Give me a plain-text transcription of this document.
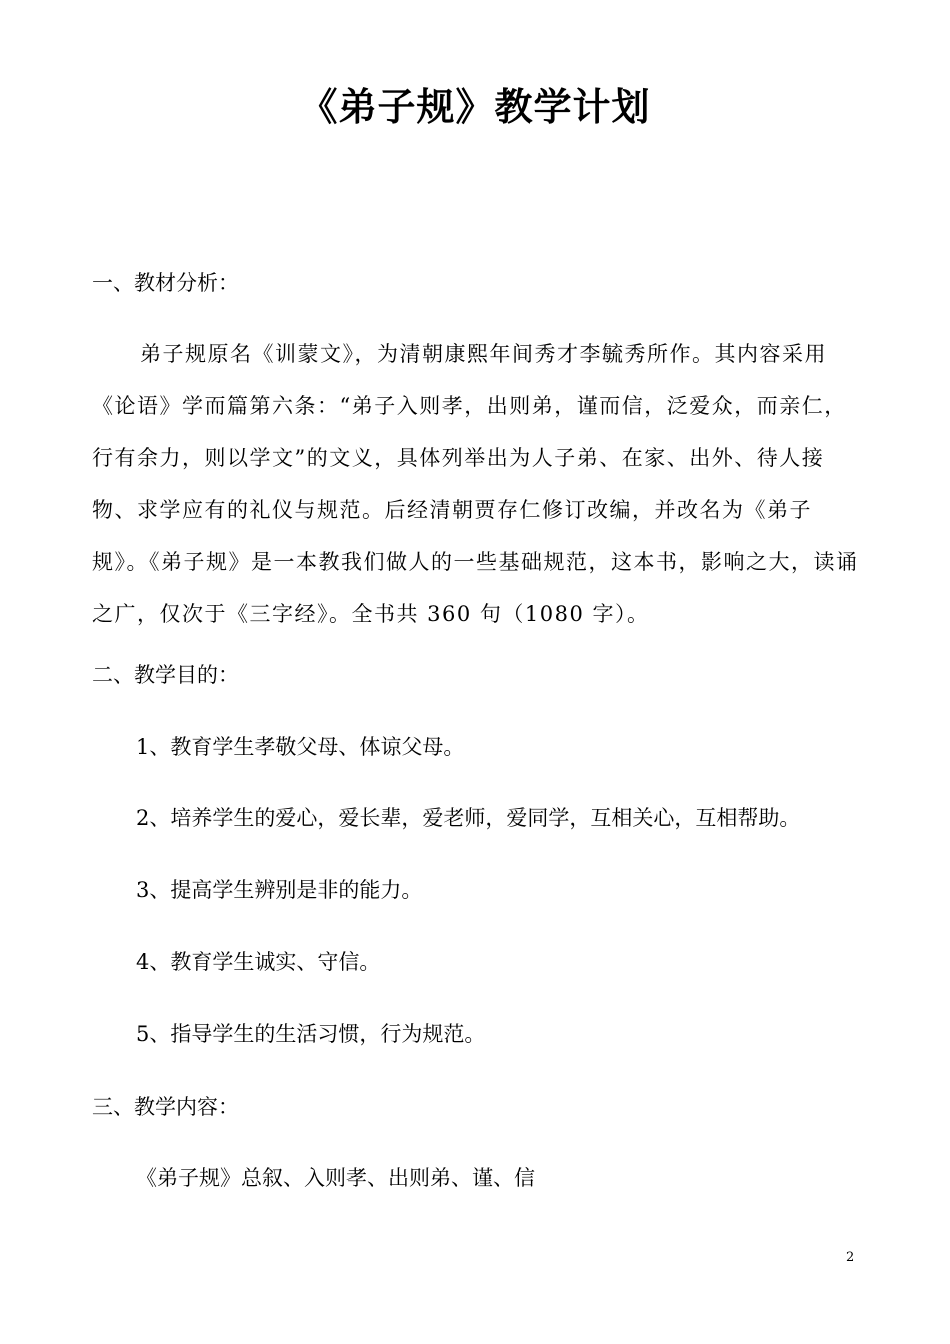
《弟子规》教学计划
一、教材分析：
弟子规原名《训蒙文》，为清朝康熙年间秀才李毓秀所作。其内容采用《论语》学而篇第六条：“弟子入则孝，出则弟，谨而信，泛爱众，而亲仁，行有余力，则以学文”的文义，具体列举出为人子弟、在家、出外、待人接物、求学应有的礼仪与规范。后经清朝贾存仁修订改编，并改名为《弟子规》。《弟子规》是一本教我们做人的一些基础规范，这本书，影响之大，读诵之广，仅次于《三字经》。全书共 360 句（1080 字）。
二、教学目的：
1、教育学生孝敬父母、体谅父母。
2、培养学生的爱心，爱长辈，爱老师，爱同学，互相关心，互相帮助。
3、提高学生辨别是非的能力。
4、教育学生诚实、守信。
5、指导学生的生活习惯，行为规范。
三、教学内容：
《弟子规》总叙、入则孝、出则弟、谨、信
2
